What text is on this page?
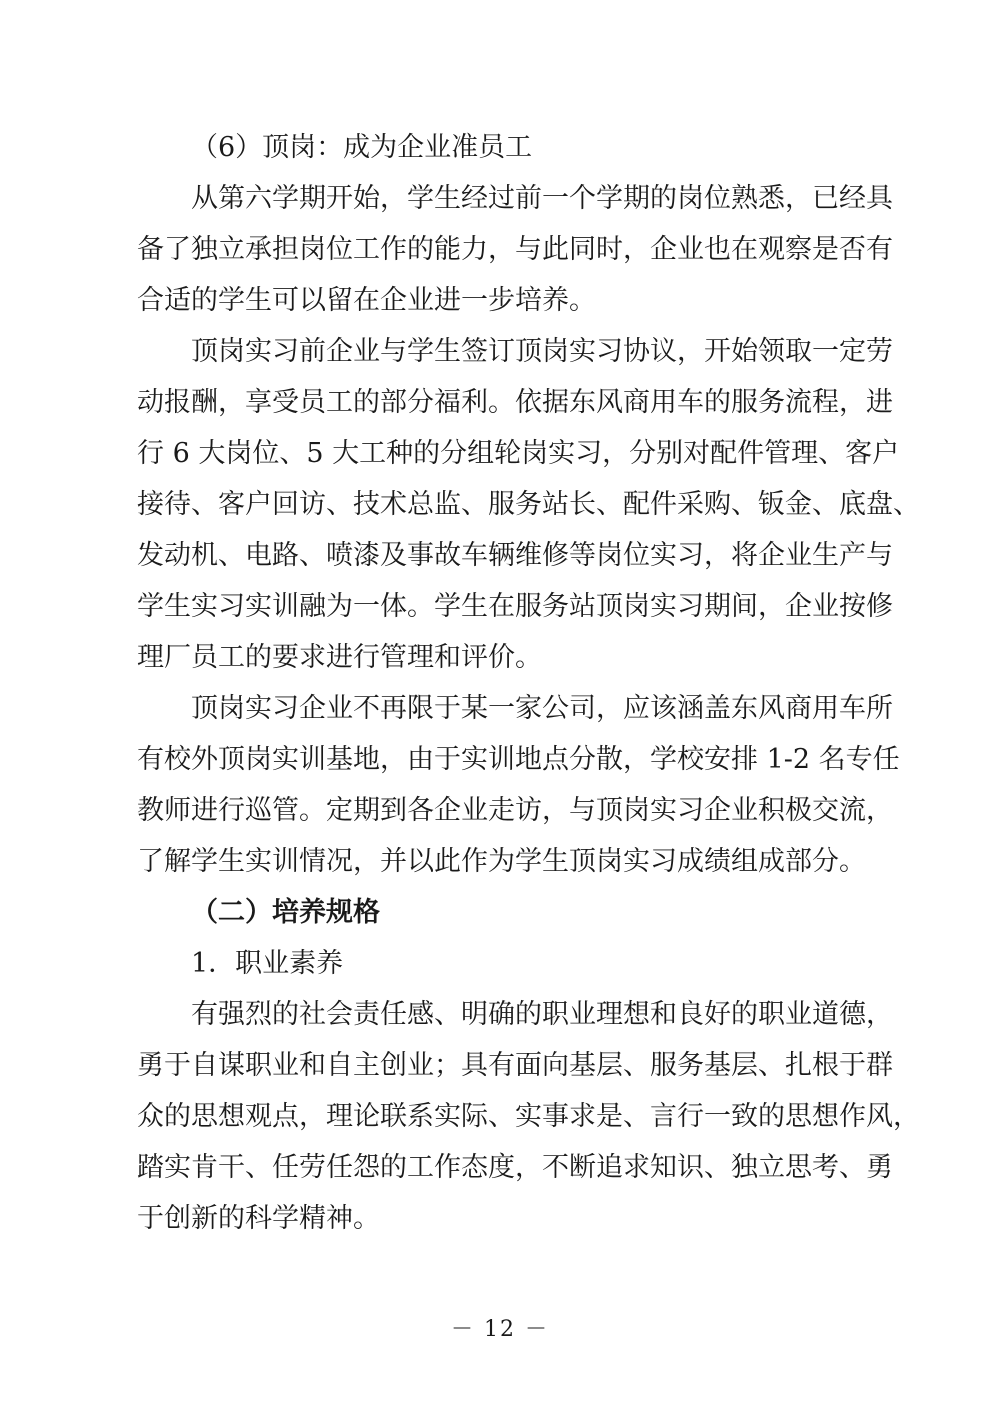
（6）顶岗：成为企业准员工
从第六学期开始，学生经过前一个学期的岗位熟悉，已经具
备了独立承担岗位工作的能力，与此同时，企业也在观察是否有
合适的学生可以留在企业进一步培养。
顶岗实习前企业与学生签订顶岗实习协议，开始领取一定劳
动报酬，享受员工的部分福利。依据东风商用车的服务流程，进
行 6 大岗位、5 大工种的分组轮岗实习，分别对配件管理、客户
接待、客户回访、技术总监、服务站长、配件采购、钣金、底盘、
发动机、电路、喷漆及事故车辆维修等岗位实习，将企业生产与
学生实习实训融为一体。学生在服务站顶岗实习期间，企业按修
理厂员工的要求进行管理和评价。
顶岗实习企业不再限于某一家公司，应该涵盖东风商用车所
有校外顶岗实训基地，由于实训地点分散，学校安排 1-2 名专任
教师进行巡管。定期到各企业走访，与顶岗实习企业积极交流，
了解学生实训情况，并以此作为学生顶岗实习成绩组成部分。
（二）培养规格
1．职业素养
有强烈的社会责任感、明确的职业理想和良好的职业道德，
勇于自谋职业和自主创业；具有面向基层、服务基层、扎根于群
众的思想观点，理论联系实际、实事求是、言行一致的思想作风，
踏实肯干、任劳任怨的工作态度，不断追求知识、独立思考、勇
于创新的科学精神。
－ 12 －
